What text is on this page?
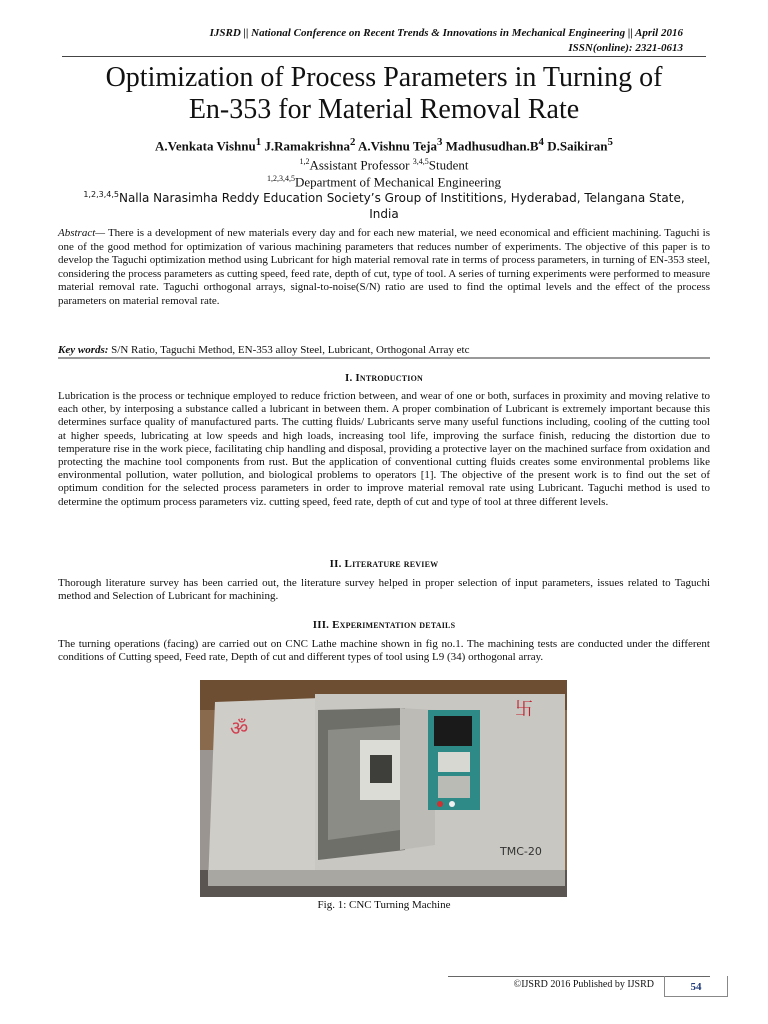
IJSRD || National Conference on Recent Trends & Innovations in Mechanical Engineering || April 2016
ISSN(online): 2321-0613
Optimization of Process Parameters in Turning of
En-353 for Material Removal Rate
A.Venkata Vishnu$^1$ J.Ramakrishna$^2$ A.Vishnu Teja$^3$ $Madhusudhan.B^4$ D.Saikiran$^5$
$^{1,2}$Assistant Professor $^{3,4,5}$Student
$^{1,2,3,4,5}$Department of Mechanical Engineering
$^{1,2,3,4,5}$Nalla Narasimha Reddy Education Society’s Group of Instititions, Hyderabad, Telangana State,
India
Abstract— There is a development of new materials every day and for each new material, we need economical and efficient machining. Taguchi is one of the good method for optimization of various machining parameters that reduces number of experiments. The objective of this paper is to develop the Taguchi optimization method using Lubricant for high material removal rate in terms of process parameters, in turning of EN-353 steel, considering the process parameters as cutting speed, feed rate, depth of cut, type of tool. A series of turning experiments were performed to measure material removal rate. Taguchi orthogonal arrays, signal-to-noise(S/N) ratio are used to find the optimal levels and the effect of the process parameters on material removal rate.
Key words: S/N Ratio, Taguchi Method, EN-353 alloy Steel, Lubricant, Orthogonal Array etc
I. Introduction
Lubrication is the process or technique employed to reduce friction between, and wear of one or both, surfaces in proximity and moving relative to each other, by interposing a substance called a lubricant in between them. A proper combination of Lubricant is extremely important because this determines surface quality of manufactured parts. The cutting fluids/ Lubricants serve many useful functions including, cooling of the cutting tool at higher speeds, lubricating at low speeds and high loads, increasing tool life, improving the surface finish, reducing the distortion due to temperature rise in the work piece, facilitating chip handling and disposal, providing a protective layer on the machined surface from oxidation and protecting the machine tool components from rust. But the application of conventional cutting fluids creates some environmental problems like environmental pollution, water pollution, and biological problems to operators [1]. The objective of the present work is to find out the set of optimum condition for the selected process parameters in order to improve material removal rate using Lubricant. Taguchi method is used to determine the optimum process parameters viz. cutting speed, feed rate, depth of cut and type of tool at three different levels.
II. Literature review
Thorough literature survey has been carried out, the literature survey helped in proper selection of input parameters, issues related to Taguchi method and Selection of Lubricant for machining.
III. Experimentation details
The turning operations (facing) are carried out on CNC Lathe machine shown in fig no.1. The machining tests are conducted under the different conditions of Cutting speed, Feed rate, Depth of cut and different types of tool using L9 (34) orthogonal array.
ॐ
卐
TMC-20
Fig. 1: CNC Turning Machine
©IJSRD 2016 Published by IJSRD	54
